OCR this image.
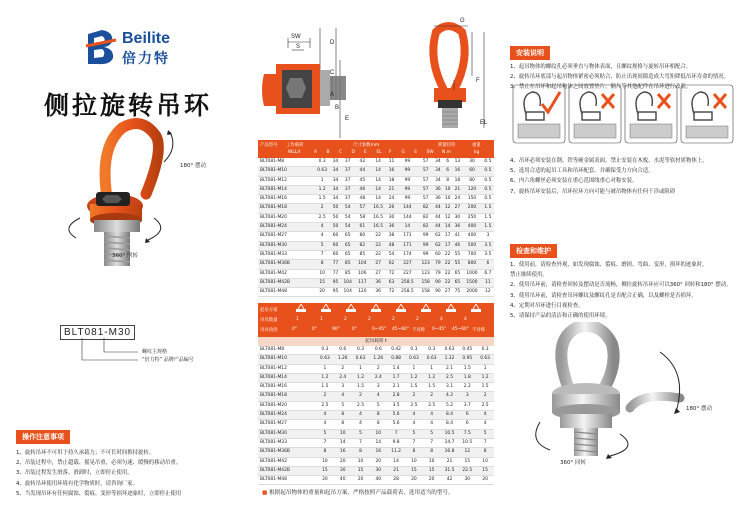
Beilite
倍力特
侧拉旋转吊环
180° 摆动
360° 回转
BLT081-M30
螺纹主规格
“倍力特” 品牌产品编号
操作注意事项
1、旋转吊环不可用于持久承载力；不可长时间推持旋转。
2、吊装过程中，禁止超载、摇晃吊重，必须匀速、缓慢的移动吊重。
3、吊装过程发生滑落、滑卸时，立即停止使用。
4、旋转吊环使用环境有化学物质时，请咨询厂家。
5、当发现吊环有任何腐蚀、裂痕、变形等损坏迹象时，立即停止使用
SW
S
D
A
B
C
E
F
G
EL
产品型号 工作载荷
WLL/t
尺寸参数mm	锁紧扭矩
N.m
重量
kg
A B C D E EL F G S SW
BLT081-M8	0.3	34	37	42	14	11	99	57	34	6	13	30	0.5
BLT081-M10	0.63	34	37	44	14	16	99	57	34	6	16	60	0.5
BLT081-M12	1	34	37	45	14	18	99	57	34	8	18	80	0.5
BLT081-M14	1.2	34	37	46	14	21	99	57	36	10	21	120	0.5
BLT081-M16	1.5	34	37	48	14	24	99	57	36	10	24	150	0.5
BLT081-M18	2	50	54	57	16.5	26	144	82	44	12	27	200	1.5
BLT081-M20	2.5	50	54	58	16.5	30	144	82	44	12	30	250	1.5
BLT081-M24	4	50	54	61	16.5	36	14	82	44	14	36	400	1.5
BLT081-M27	4	60	65	80	22	38	171	99	62	17	41	400	3
BLT081-M30	5	60	65	82	22	48	171	99	62	17	46	500	3.5
BLT081-M33	7	60	65	85	22	54	174	99	60	22	55	700	3.5
BLT081-M36B	8	77	85	104	27	62	227	123	79	22	55	800	6
BLT081-M42	10	77	85	106	27	72	227	123	79	22	65	1000	6.7
BLT081-M42B	15	95	104	117	36	63	258.5	158	90	22	65	1500	11
BLT081-M48	20	95	104	120	36	72	258.5	158	90	27	75	2000	12
起吊方案
吊具数量
吊具角度
1	1	2	2	2	2	4	4
0°	0°	90°	0°	0~45° 45~60° 不对称 0~45° 45~60° 不对称
起吊载荷 t
BLT081-M8	0.3	0.6	0.3	0.6	0.42	0.3	0.3	0.63	0.45	0.3
BLT081-M10	0.63	1.26	0.63	1.26	0.88	0.63	0.63	1.32	0.95	0.63
BLT081-M12	1	2	1	2	1.4	1	1	2.1	1.5	1
BLT081-M14	1.2	2.4	1.2	2.4	1.7	1.2	1.2	2.5	1.8	1.2
BLT081-M16	1.5	3	1.5	3	2.1	1.5	1.5	3.1	2.2	1.5
BLT081-M18	2	4	2	4	2.8	2	2	4.2	3	2
BLT081-M20	2.5	5	2.5	5	3.5	2.5	2.5	5.2	3.7	2.5
BLT081-M24	4	8	4	8	5.6	4	4	8.4	6	4
BLT081-M27	4	8	4	8	5.6	4	4	8.4	6	4
BLT081-M30	5	10	5	10	7	5	5	10.5	7.5	5
BLT081-M33	7	14	7	14	9.8	7	7	14.7	10.5	7
BLT081-M36B	8	16	8	16	11.2	8	8	16.8	12	8
BLT081-M42	10	20	10	20	14	10	10	21	15	10
BLT081-M42B	15	30	15	30	21	15	15	31.5	22.5	15
BLT081-M48	20	40	20	40	28	20	20	42	30	20
■ 根据起吊物体的重量和起吊方案，严格按照产品载荷表，选用适当的型号。
安装说明
1、起吊物体的螺纹孔必须垂直与物体表面，且螺纹规格与旋转吊环相配合。
2、旋转吊环底部与起吊物体紧密必须贴合，防止出现间隙造成大弯矩降低吊环寿命的情况。
3、禁止在吊环和起吊物体之间放置垫片，隔片等其他配件在吊环进行改装。
4、吊环必须安装在钢、铁等硬金属表面，禁止安装在木板、水泥等软材质物体上。
5、选用合适的起吊工具和吊环配套，并确保受力方向合适。
6、内六角螺丝必须安装在重心范围线重心对称安装。
7、旋转吊环安装后，吊环拉环方向可能与被吊物体有任何干涉或阻碍
检查和维护
1、使用前，请检查外观，如发现腐蚀、裂痕、磨损、弯曲、变形，损坏的迹象时，
禁止继续使用。
2、使用吊环前，请检查回转及摆动是否流畅，侧拉旋转吊环应可以360° 回转和180° 摆动。
3、使用吊环前，请检查吊环螺纹及螺纹孔是否配合正确，以及螺栓是否损坏。
4、定期对吊环进行目视检查。
5、请保持产品的清洁和正确的使用环境。
180° 摆动
360° 回转
